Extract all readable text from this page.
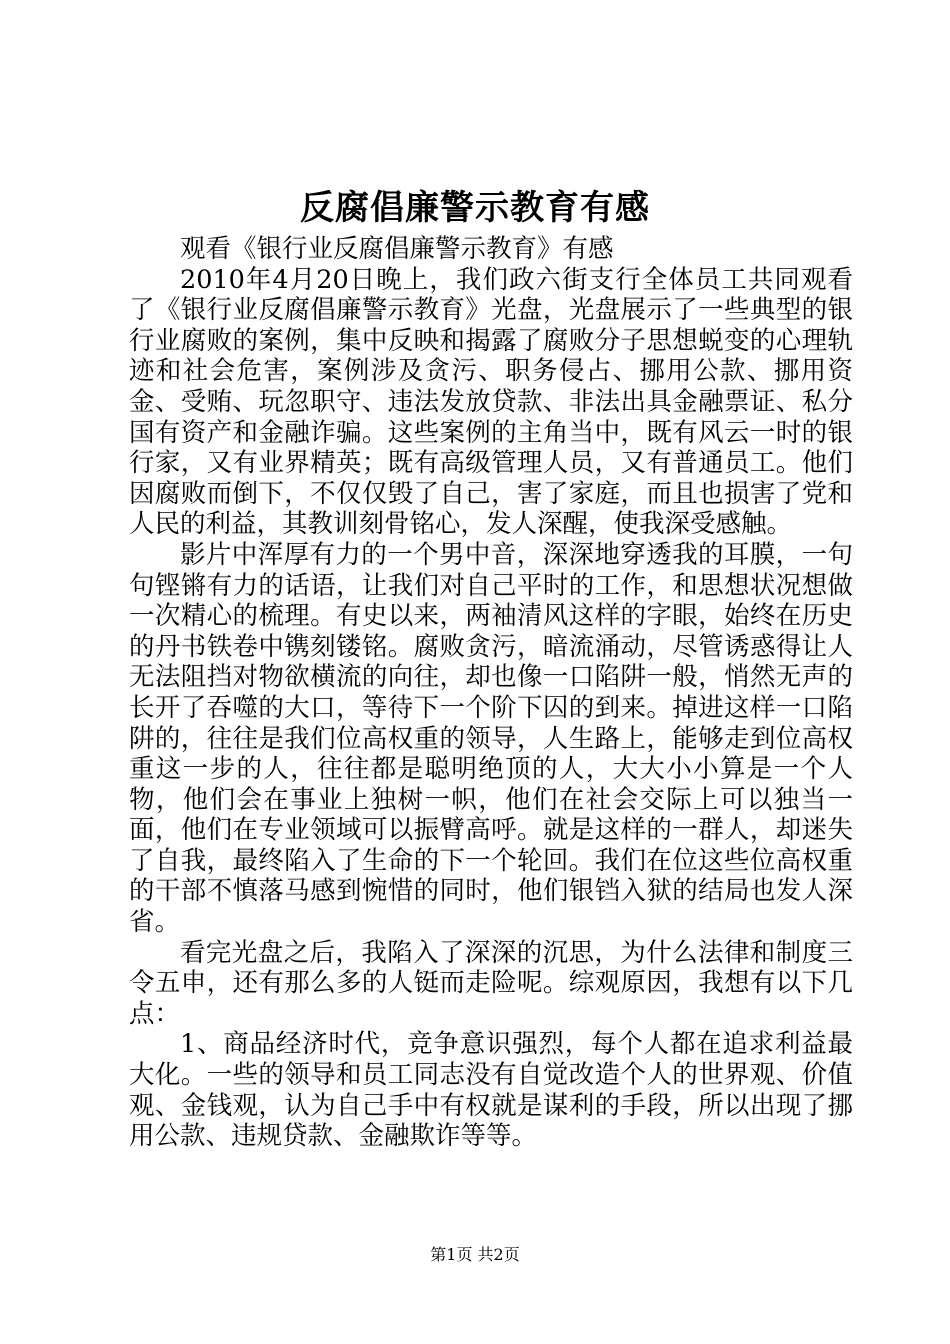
反腐倡廉警示教育有感

观看《银行业反腐倡廉警示教育》有感

2010年4月20日晚上，我们政六街支行全体员工共同观看了《银行业反腐倡廉警示教育》光盘，光盘展示了一些典型的银行业腐败的案例，集中反映和揭露了腐败分子思想蜕变的心理轨迹和社会危害，案例涉及贪污、职务侵占、挪用公款、挪用资金、受贿、玩忽职守、违法发放贷款、非法出具金融票证、私分国有资产和金融诈骗。这些案例的主角当中，既有风云一时的银行家，又有业界精英；既有高级管理人员，又有普通员工。他们因腐败而倒下，不仅仅毁了自己，害了家庭，而且也损害了党和人民的利益，其教训刻骨铭心，发人深醒，使我深受感触。

影片中浑厚有力的一个男中音，深深地穿透我的耳膜，一句句铿锵有力的话语，让我们对自己平时的工作，和思想状况想做一次精心的梳理。有史以来，两袖清风这样的字眼，始终在历史的丹书铁卷中镌刻镂铭。腐败贪污，暗流涌动，尽管诱惑得让人无法阻挡对物欲横流的向往，却也像一口陷阱一般，悄然无声的长开了吞噬的大口，等待下一个阶下囚的到来。掉进这样一口陷阱的，往往是我们位高权重的领导，人生路上，能够走到位高权重这一步的人，往往都是聪明绝顶的人，大大小小算是一个人物，他们会在事业上独树一帜，他们在社会交际上可以独当一面，他们在专业领域可以振臂高呼。就是这样的一群人，却迷失了自我，最终陷入了生命的下一个轮回。我们在位这些位高权重的干部不慎落马感到惋惜的同时，他们银铛入狱的结局也发人深省。

看完光盘之后，我陷入了深深的沉思，为什么法律和制度三令五申，还有那么多的人铤而走险呢。综观原因，我想有以下几点：

1、商品经济时代，竞争意识强烈，每个人都在追求利益最大化。一些的领导和员工同志没有自觉改造个人的世界观、价值观、金钱观，认为自己手中有权就是谋利的手段，所以出现了挪用公款、违规贷款、金融欺诈等等。

第1页 共2页
